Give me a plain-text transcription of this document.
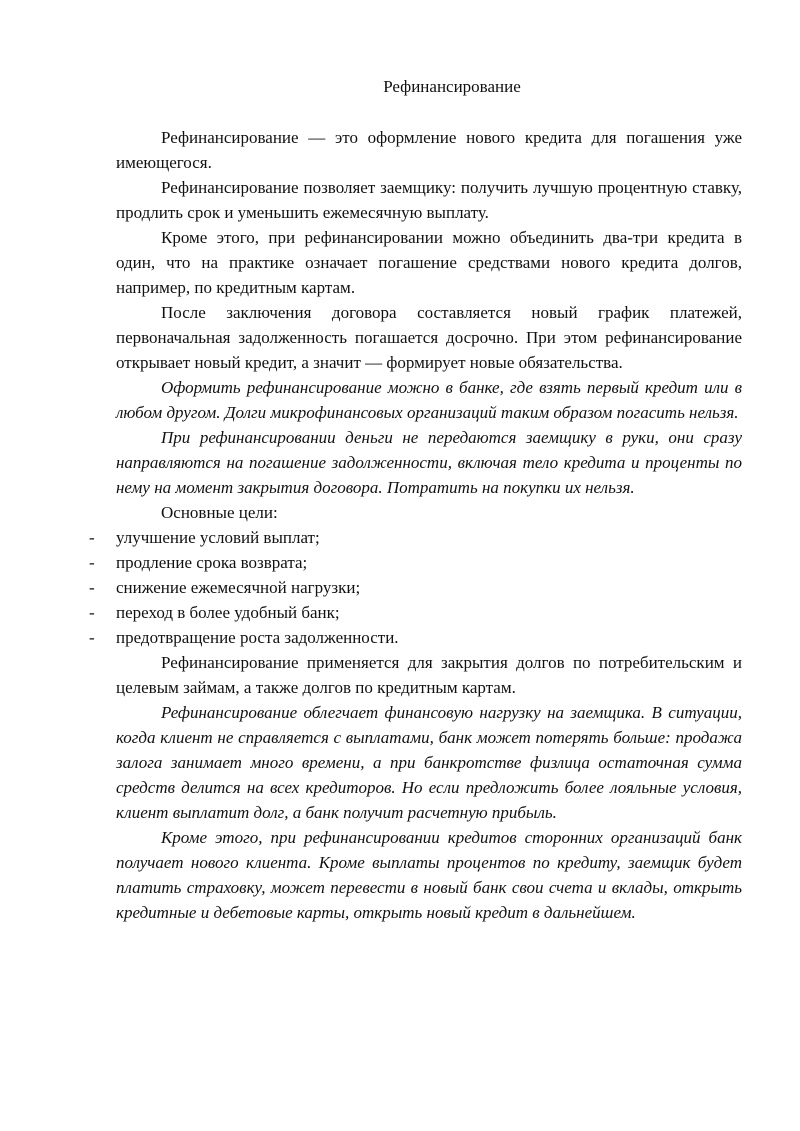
Рефинансирование

Рефинансирование — это оформление нового кредита для погашения уже имеющегося.

Рефинансирование позволяет заемщику: получить лучшую процентную ставку, продлить срок и уменьшить ежемесячную выплату.

Кроме этого, при рефинансировании можно объединить два-три кредита в один, что на практике означает погашение средствами нового кредита долгов, например, по кредитным картам.

После заключения договора составляется новый график платежей, первоначальная задолженность погашается досрочно. При этом рефинансирование открывает новый кредит, а значит — формирует новые обязательства.

Оформить рефинансирование можно в банке, где взять первый кредит или в любом другом. Долги микрофинансовых организаций таким образом погасить нельзя.

При рефинансировании деньги не передаются заемщику в руки, они сразу направляются на погашение задолженности, включая тело кредита и проценты по нему на момент закрытия договора. Потратить на покупки их нельзя.

Основные цели:

- улучшение условий выплат;
- продление срока возврата;
- снижение ежемесячной нагрузки;
- переход в более удобный банк;
- предотвращение роста задолженности.

Рефинансирование применяется для закрытия долгов по потребительским и целевым займам, а также долгов по кредитным картам.

Рефинансирование облегчает финансовую нагрузку на заемщика. В ситуации, когда клиент не справляется с выплатами, банк может потерять больше: продажа залога занимает много времени, а при банкротстве физлица остаточная сумма средств делится на всех кредиторов. Но если предложить более лояльные условия, клиент выплатит долг, а банк получит расчетную прибыль.

Кроме этого, при рефинансировании кредитов сторонних организаций банк получает нового клиента. Кроме выплаты процентов по кредиту, заемщик будет платить страховку, может перевести в новый банк свои счета и вклады, открыть кредитные и дебетовые карты, открыть новый кредит в дальнейшем.
